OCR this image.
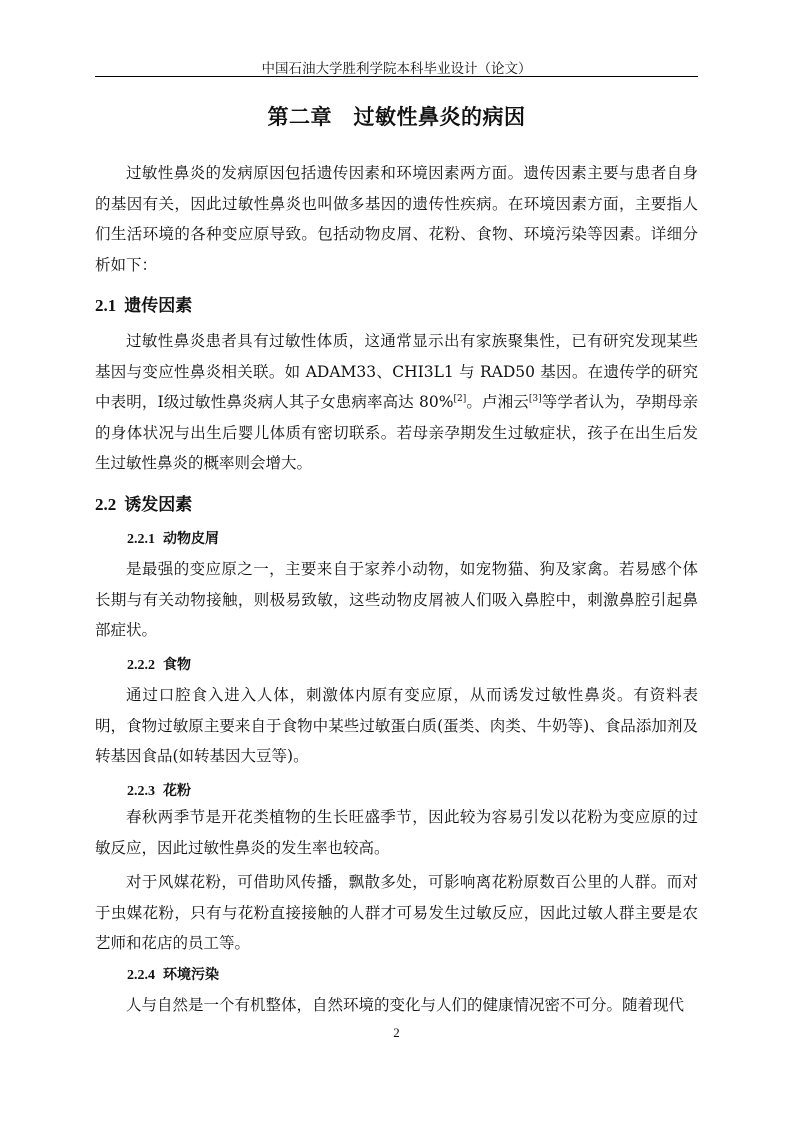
中国石油大学胜利学院本科毕业设计（论文）
第二章　过敏性鼻炎的病因

过敏性鼻炎的发病原因包括遗传因素和环境因素两方面。遗传因素主要与患者自身的基因有关，因此过敏性鼻炎也叫做多基因的遗传性疾病。在环境因素方面，主要指人们生活环境的各种变应原导致。包括动物皮屑、花粉、食物、环境污染等因素。详细分析如下：

2.1 遗传因素

过敏性鼻炎患者具有过敏性体质，这通常显示出有家族聚集性，已有研究发现某些基因与变应性鼻炎相关联。如 ADAM33、CHI3L1 与 RAD50 基因。在遗传学的研究中表明，Ⅰ级过敏性鼻炎病人其子女患病率高达 80%[2]。卢湘云[3]等学者认为，孕期母亲的身体状况与出生后婴儿体质有密切联系。若母亲孕期发生过敏症状，孩子在出生后发生过敏性鼻炎的概率则会增大。

2.2 诱发因素
2.2.1 动物皮屑

是最强的变应原之一，主要来自于家养小动物，如宠物猫、狗及家禽。若易感个体长期与有关动物接触，则极易致敏，这些动物皮屑被人们吸入鼻腔中，刺激鼻腔引起鼻部症状。

2.2.2 食物

通过口腔食入进入人体，刺激体内原有变应原，从而诱发过敏性鼻炎。有资料表明，食物过敏原主要来自于食物中某些过敏蛋白质(蛋类、肉类、牛奶等)、食品添加剂及转基因食品(如转基因大豆等)。

2.2.3 花粉

春秋两季节是开花类植物的生长旺盛季节，因此较为容易引发以花粉为变应原的过敏反应，因此过敏性鼻炎的发生率也较高。

对于风媒花粉，可借助风传播，飘散多处，可影响离花粉原数百公里的人群。而对于虫媒花粉，只有与花粉直接接触的人群才可易发生过敏反应，因此过敏人群主要是农艺师和花店的员工等。

2.2.4 环境污染

人与自然是一个有机整体，自然环境的变化与人们的健康情况密不可分。随着现代

2
